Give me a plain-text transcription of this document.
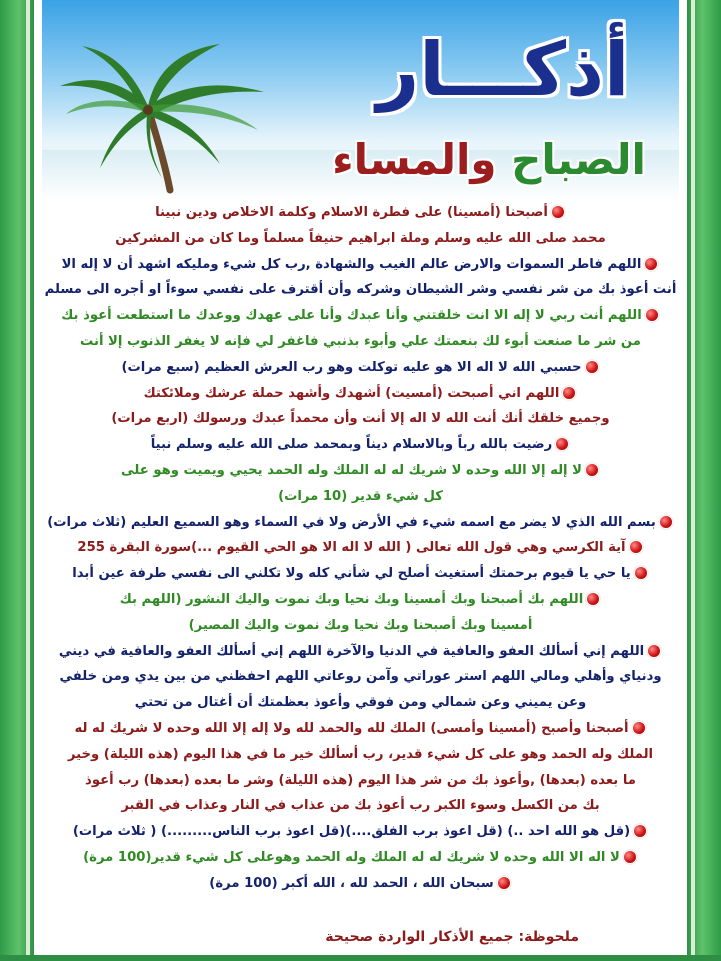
أذكـــار
الصباح والمساء
أصبحنا (أمسينا) على فطرة الاسلام وكلمة الاخلاص ودين نبينا
محمد صلى الله عليه وسلم وملة ابراهيم حنيفاً مسلماً وما كان من المشركين
اللهم فاطر السموات والارض عالم الغيب والشهادة ,رب كل شيء ومليكه اشهد أن لا إله الا
أنت أعوذ بك من شر نفسي وشر الشيطان وشركه وأن أقترف على نفسي سوءاً او أجره الى مسلم
اللهم أنت ربي لا إله الا انت خلقتني وأنا عبدك وأنا على عهدك ووعدك ما استطعت أعوذ بك
من شر ما صنعت أبوء لك بنعمتك علي وأبوء بذنبي فاغفر لي فإنه لا يغفر الذنوب إلا أنت
حسبي الله لا اله الا هو عليه توكلت وهو رب العرش العظيم (سبع مرات)
اللهم اني أصبحت (أمسيت) أشهدك وأشهد حملة عرشك وملائكتك
وجميع خلقك أنك أنت الله لا اله إلا أنت وأن محمداً عبدك ورسولك (اربع مرات)
رضيت بالله رباً وبالاسلام ديناً وبمحمد صلى الله عليه وسلم نبياً
لا إله إلا الله وحده لا شريك له له الملك وله الحمد يحيي ويميت وهو على
كل شيء قدير (10 مرات)
بسم الله الذي لا يضر مع اسمه شيء في الأرض ولا في السماء وهو السميع العليم (ثلاث مرات)
آية الكرسي وهي قول الله تعالى ( الله لا اله الا هو الحي القيوم ...)سورة البقرة 255
يا حي يا قيوم برحمتك أستغيث أصلح لي شأني كله ولا تكلني الى نفسي طرفة عين أبدا
اللهم بك أصبحنا وبك أمسينا وبك نحيا وبك نموت واليك النشور (اللهم بك
أمسينا وبك أصبحنا وبك نحيا وبك نموت واليك المصير)
اللهم إني أسألك العفو والعافية في الدنيا والآخرة اللهم إني أسألك العفو والعافية في ديني
ودنياي وأهلي ومالي اللهم استر عوراتي وآمن روعاتي اللهم احفظني من بين يدي ومن خلفي
وعن يميني وعن شمالي ومن فوقي وأعوذ بعظمتك أن أغتال من تحتي
أصبحنا وأصبح (أمسينا وأمسى) الملك لله والحمد لله ولا إله إلا الله وحده لا شريك له له
الملك وله الحمد وهو على كل شيء قدير، رب أسألك خير ما في هذا اليوم (هذه الليلة) وخير
ما بعده (بعدها) ,وأعوذ بك من شر هذا اليوم (هذه الليلة) وشر ما بعده (بعدها) رب أعوذ
بك من الكسل وسوء الكبر رب أعوذ بك من عذاب في النار وعذاب في القبر
(قل هو الله احد ..) (قل اعوذ برب الفلق....)(قل اعوذ برب الناس.........) ( ثلاث مرات)
لا اله الا الله وحده لا شريك له له الملك وله الحمد وهوعلى كل شيء قدير(100 مرة)
سبحان الله ، الحمد لله ، الله أكبر (100 مرة)
ملحوظة: جميع الأذكار الواردة صحيحة
